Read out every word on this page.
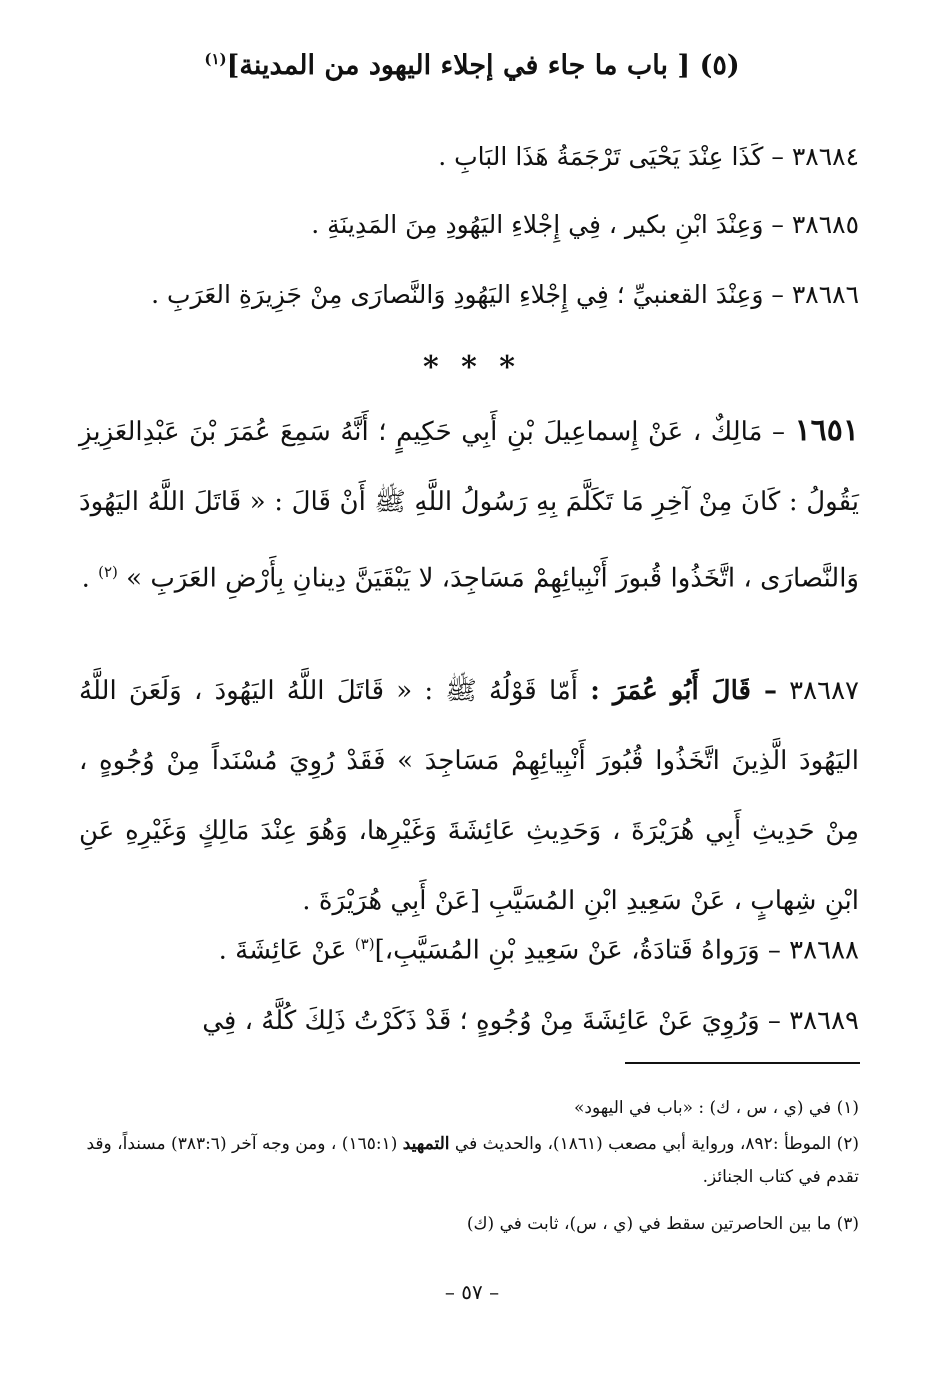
(٥) [ باب ما جاء في إجلاء اليهود من المدينة]$^{(١)}$
٣٨٦٨٤ – كَذَا عِنْدَ يَحْيَى تَرْجَمَةُ هَذَا البَابِ .
٣٨٦٨٥ – وَعِنْدَ ابْنِ بكير ، فِي إِجْلاءِ اليَهُودِ مِنَ المَدِينَةِ .
٣٨٦٨٦ – وَعِنْدَ القعنبيِّ ؛ فِي إِجْلاءِ اليَهُودِ وَالنَّصارَى مِنْ جَزِيرَةِ العَرَبِ .
* * *
١٦٥١ – مَالِكٌ ، عَنْ إِسماعِيلَ بْنِ أَبِي حَكِيمٍ ؛ أَنَّهُ سَمِعَ عُمَرَ بْنَ عَبْدِالعَزِيزِ يَقُولُ : كَانَ مِنْ آخِرِ مَا تَكَلَّمَ بِهِ رَسُولُ اللَّهِ ﷺ أَنْ قَالَ : « قَاتَلَ اللَّهُ اليَهُودَ وَالنَّصارَى ، اتَّخَذُوا قُبورَ أَنْبِيائِهِمْ مَسَاجِدَ، لا يَبْقَيَنَّ دِينانِ بِأَرْضِ العَرَبِ » $^{(٢)}$ .
٣٨٦٨٧ – قَالَ أَبُو عُمَرَ : أَمّا قَوْلُهُ ﷺ : « قَاتَلَ اللَّهُ اليَهُودَ ، وَلَعَنَ اللَّهُ اليَهُودَ الَّذِينَ اتَّخَذُوا قُبُورَ أَنْبِيائِهِمْ مَسَاجِدَ » فَقَدْ رُوِيَ مُسْنَداً مِنْ وُجُوهٍ ، مِنْ حَدِيثِ أَبِي هُرَيْرَةَ ، وَحَدِيثِ عَائِشَةَ وَغَيْرِها، وَهُوَ عِنْدَ مَالِكٍ وَغَيْرِهِ عَنِ ابْنِ شِهابٍ ، عَنْ سَعِيدِ ابْنِ المُسَيَّبِ [عَنْ أَبِي هُرَيْرَةَ .
٣٨٦٨٨ – وَرَواهُ قَتادَةُ، عَنْ سَعِيدِ بْنِ المُسَيَّبِ،]$^{(٣)}$ عَنْ عَائِشَةَ .
٣٨٦٨٩ – وَرُوِيَ عَنْ عَائِشَةَ مِنْ وُجُوهٍ ؛ قَدْ ذَكَرْتُ ذَلِكَ كُلَّهُ ، فِي
(١) في (ي ، س ، ك) : «باب في اليهود»
(٢) الموطأ :٨٩٢، ورواية أبي مصعب (١٨٦١)، والحديث في التمهيد (١٦٥:١) ، ومن وجه آخر (٣٨٣:٦) مسنداً، وقد تقدم في كتاب الجنائز.
(٣) ما بين الحاصرتين سقط في (ي ، س)، ثابت في (ك)
– ٥٧ –
